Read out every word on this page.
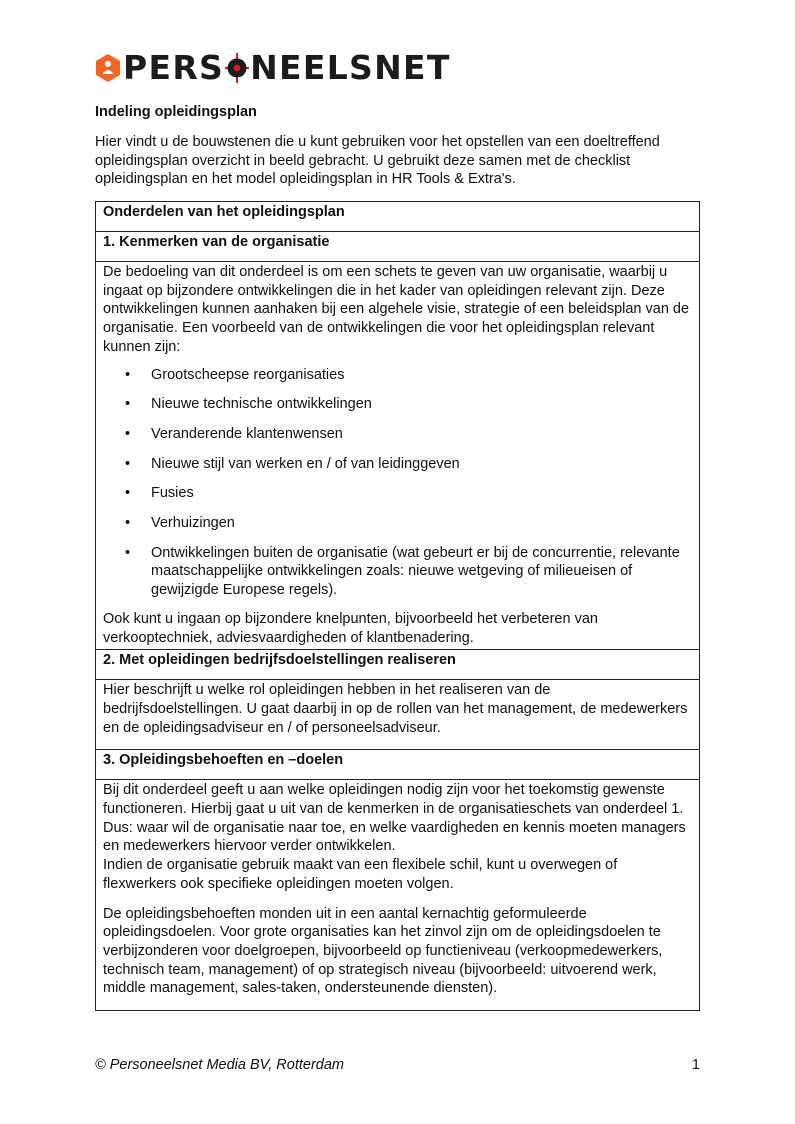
PERS NEELSNET
Indeling opleidingsplan
Hier vindt u de bouwstenen die u kunt gebruiken voor het opstellen van een doeltreffend opleidingsplan overzicht in beeld gebracht. U gebruikt deze samen met de checklist opleidingsplan en het model opleidingsplan in HR Tools & Extra's.
Onderdelen van het opleidingsplan
1. Kenmerken van de organisatie

De bedoeling van dit onderdeel is om een schets te geven van uw organisatie, waarbij u ingaat op bijzondere ontwikkelingen die in het kader van opleidingen relevant zijn. Deze ontwikkelingen kunnen aanhaken bij een algehele visie, strategie of een beleidsplan van de organisatie. Een voorbeeld van de ontwikkelingen die voor het opleidingsplan relevant kunnen zijn:

• Grootscheepse reorganisaties
• Nieuwe technische ontwikkelingen
• Veranderende klantenwensen
• Nieuwe stijl van werken en / of van leidinggeven
• Fusies
• Verhuizingen
• Ontwikkelingen buiten de organisatie (wat gebeurt er bij de concurrentie, relevante maatschappelijke ontwikkelingen zoals: nieuwe wetgeving of milieueisen of gewijzigde Europese regels).

Ook kunt u ingaan op bijzondere knelpunten, bijvoorbeeld het verbeteren van verkooptechniek, adviesvaardigheden of klantbenadering.

2. Met opleidingen bedrijfsdoelstellingen realiseren

Hier beschrijft u welke rol opleidingen hebben in het realiseren van de bedrijfsdoelstellingen. U gaat daarbij in op de rollen van het management, de medewerkers en de opleidingsadviseur en / of personeelsadviseur.

3. Opleidingsbehoeften en –doelen

Bij dit onderdeel geeft u aan welke opleidingen nodig zijn voor het toekomstig gewenste functioneren. Hierbij gaat u uit van de kenmerken in de organisatieschets van onderdeel 1. Dus: waar wil de organisatie naar toe, en welke vaardigheden en kennis moeten managers en medewerkers hiervoor verder ontwikkelen.
Indien de organisatie gebruik maakt van een flexibele schil, kunt u overwegen of flexwerkers ook specifieke opleidingen moeten volgen.

De opleidingsbehoeften monden uit in een aantal kernachtig geformuleerde opleidingsdoelen. Voor grote organisaties kan het zinvol zijn om de opleidingsdoelen te verbijzonderen voor doelgroepen, bijvoorbeeld op functieniveau (verkoopmedewerkers, technisch team, management) of op strategisch niveau (bijvoorbeeld: uitvoerend werk, middle management, sales-taken, ondersteunende diensten).

© Personeelsnet Media BV, Rotterdam	1
